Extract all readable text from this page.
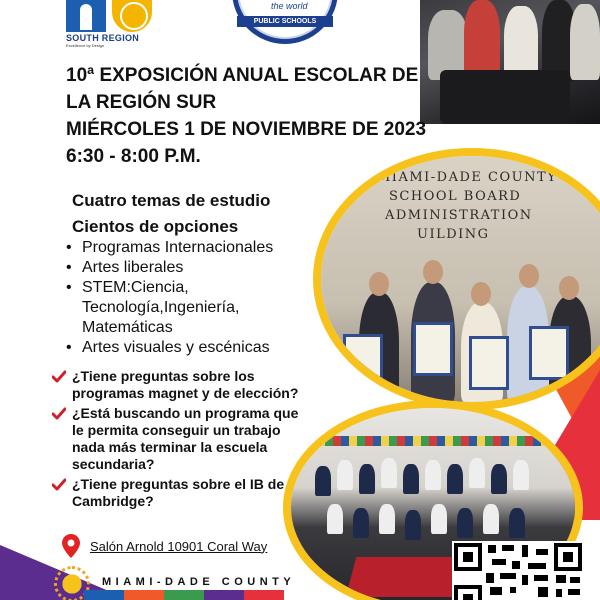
SOUTH REGION
Excellence by Design
the world
PUBLIC SCHOOLS
10ª EXPOSICIÓN ANUAL ESCOLAR DE
LA REGIÓN SUR
MIÉRCOLES 1 DE NOVIEMBRE DE 2023
6:30 - 8:00 P.M.
MIAMI-DADE COUNTY
SCHOOL BOARD
ADMINISTRATION
UILDING
Cuatro temas de estudio
Cientos de opciones
• Programas Internacionales
• Artes liberales
• STEM:Ciencia,
Tecnología,Ingeniería,
Matemáticas
• Artes visuales y escénicas
¿Tiene preguntas sobre los programas magnet y de elección?
¿Está buscando un programa que le permita conseguir un trabajo nada más terminar la escuela secundaria?
¿Tiene preguntas sobre el IB de Cambridge?
Salón Arnold 10901 Coral Way
MIAMI-DADE COUNTY
